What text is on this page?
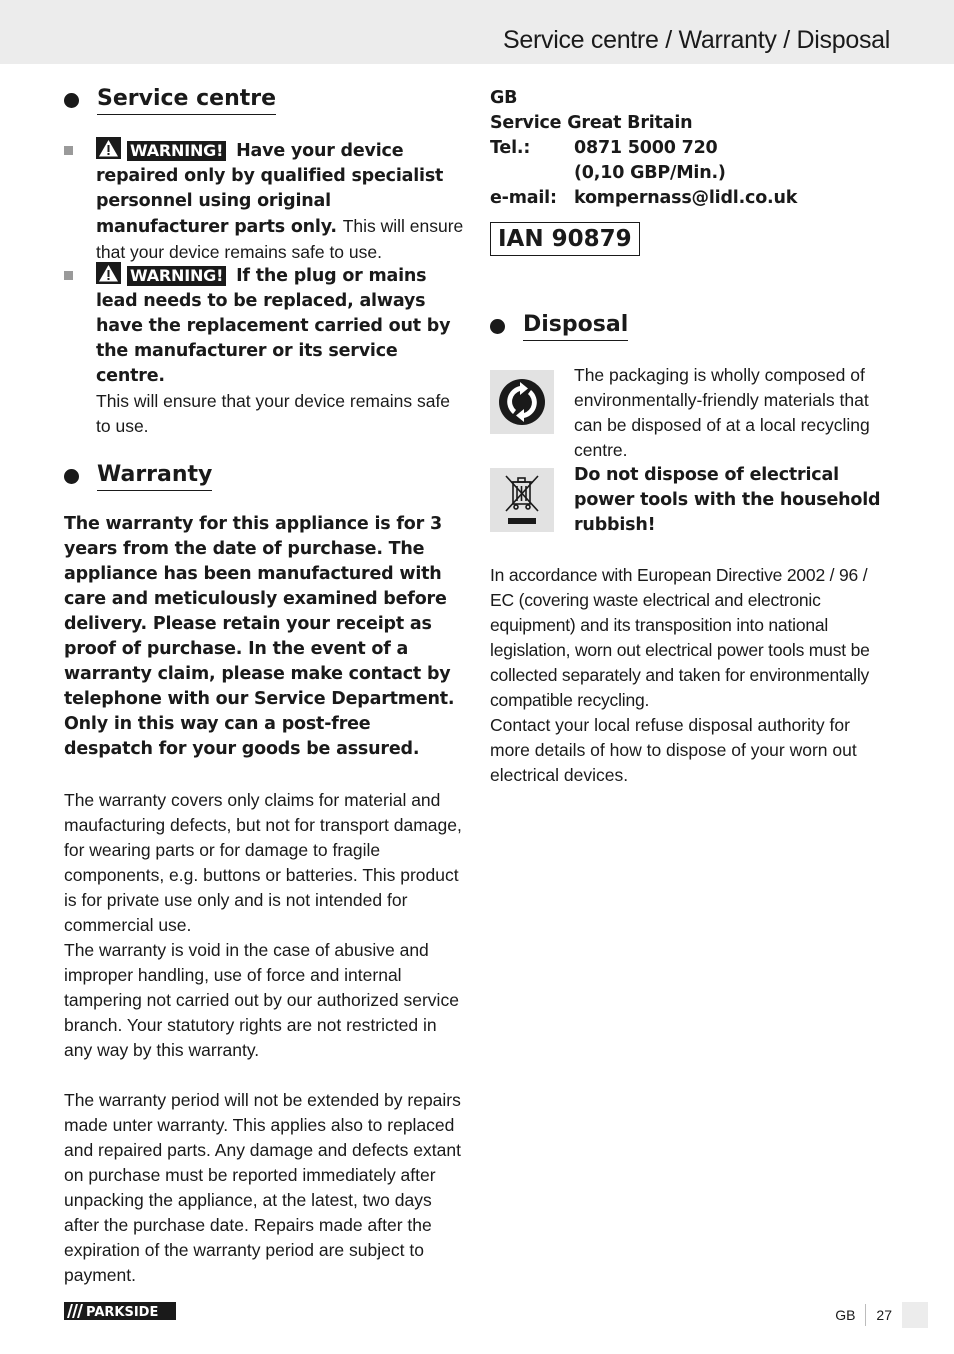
Service centre / Warranty / Disposal
Service centre
WARNING! Have your device repaired only by qualified specialist personnel using original manufacturer parts only. This will ensure that your device remains safe to use.
WARNING! If the plug or mains lead needs to be replaced, always have the replacement carried out by the manufacturer or its service centre.
This will ensure that your device remains safe to use.
Warranty
The warranty for this appliance is for 3 years from the date of purchase. The appliance has been manufactured with care and meticulously examined before delivery. Please retain your receipt as proof of purchase. In the event of a warranty claim, please make contact by telephone with our Service Department. Only in this way can a post-free despatch for your goods be assured.
The warranty covers only claims for material and maufacturing defects, but not for transport damage, for wearing parts or for damage to fragile components, e.g. buttons or batteries. This product is for private use only and is not intended for commercial use.
The warranty is void in the case of abusive and improper handling, use of force and internal tampering not carried out by our authorized service branch. Your statutory rights are not restricted in any way by this warranty.
The warranty period will not be extended by repairs made unter warranty. This applies also to replaced and repaired parts. Any damage and defects extant on purchase must be reported immediately after unpacking the appliance, at the latest, two days after the purchase date. Repairs made after the expiration of the warranty period are subject to payment.
GB
Service Great Britain
Tel.:	0871 5000 720
(0,10 GBP/Min.)
e-mail: kompernass@lidl.co.uk
IAN 90879
Disposal
The packaging is wholly composed of environmentally-friendly materials that can be disposed of at a local recycling centre.
Do not dispose of electrical power tools with the household rubbish!
In accordance with European Directive 2002 / 96 / EC (covering waste electrical and electronic equipment) and its transposition into national legislation, worn out electrical power tools must be collected separately and taken for environmentally compatible recycling.
Contact your local refuse disposal authority for more details of how to dispose of your worn out electrical devices.
PARKSIDE	GB 27
